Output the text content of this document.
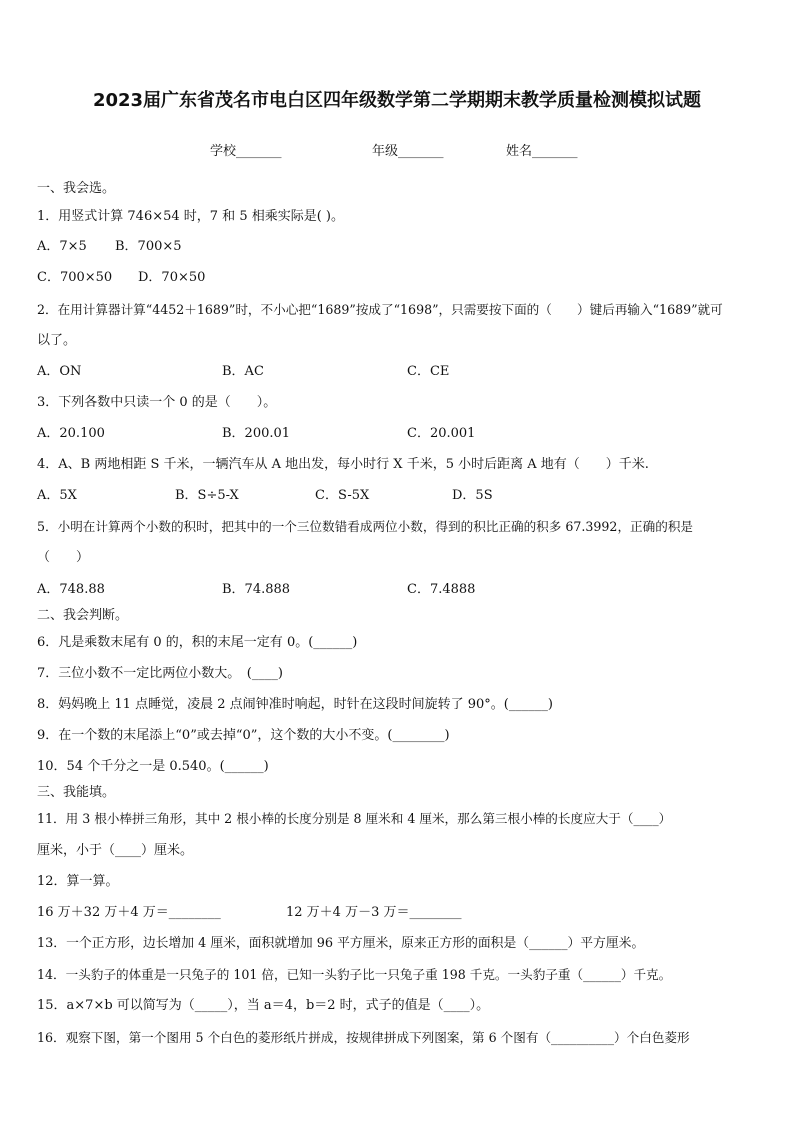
2023届广东省茂名市电白区四年级数学第二学期期末教学质量检测模拟试题
学校_______	年级_______	姓名_______
一、我会选。
1．用竖式计算 746×54 时，7 和 5 相乘实际是( )。
A．7×5 B．700×5
C．700×50 D．70×50
2．在用计算器计算“4452＋1689”时，不小心把“1689”按成了“1698”，只需要按下面的（　　）键后再输入“1689”就可
以了。
A．ON	B．AC	C．CE
3．下列各数中只读一个 0 的是（　　）。
A．20.100	B．200.01	C．20.001
4．A、B 两地相距 S 千米，一辆汽车从 A 地出发，每小时行 X 千米，5 小时后距离 A 地有（　　）千米.
A．5X	B．S÷5-X	C．S-5X	D．5S
5．小明在计算两个小数的积时，把其中的一个三位数错看成两位小数，得到的积比正确的积多 67.3992，正确的积是
（　　）
A．748.88	B．74.888	C．7.4888
二、我会判断。
6．凡是乘数末尾有 0 的，积的末尾一定有 0。(______)
7．三位小数不一定比两位小数大。　(____)
8．妈妈晚上 11 点睡觉，凌晨 2 点闹钟准时响起，时针在这段时间旋转了 90°。(______)
9．在一个数的末尾添上“0”或去掉“0”，这个数的大小不变。(________)
10．54 个千分之一是 0.540。(______)
三、我能填。
11．用 3 根小棒拼三角形，其中 2 根小棒的长度分别是 8 厘米和 4 厘米，那么第三根小棒的长度应大于（____）
厘米，小于（____）厘米。
12．算一算。
16 万＋32 万＋4 万＝________	12 万＋4 万－3 万＝________
13．一个正方形，边长增加 4 厘米，面积就增加 96 平方厘米，原来正方形的面积是（______）平方厘米。
14．一头豹子的体重是一只兔子的 101 倍，已知一头豹子比一只兔子重 198 千克。一头豹子重（______）千克。
15．a×7×b 可以简写为（_____），当 a＝4，b＝2 时，式子的值是（____）。
16．观察下图，第一个图用 5 个白色的菱形纸片拼成，按规律拼成下列图案，第 6 个图有（__________）个白色菱形
